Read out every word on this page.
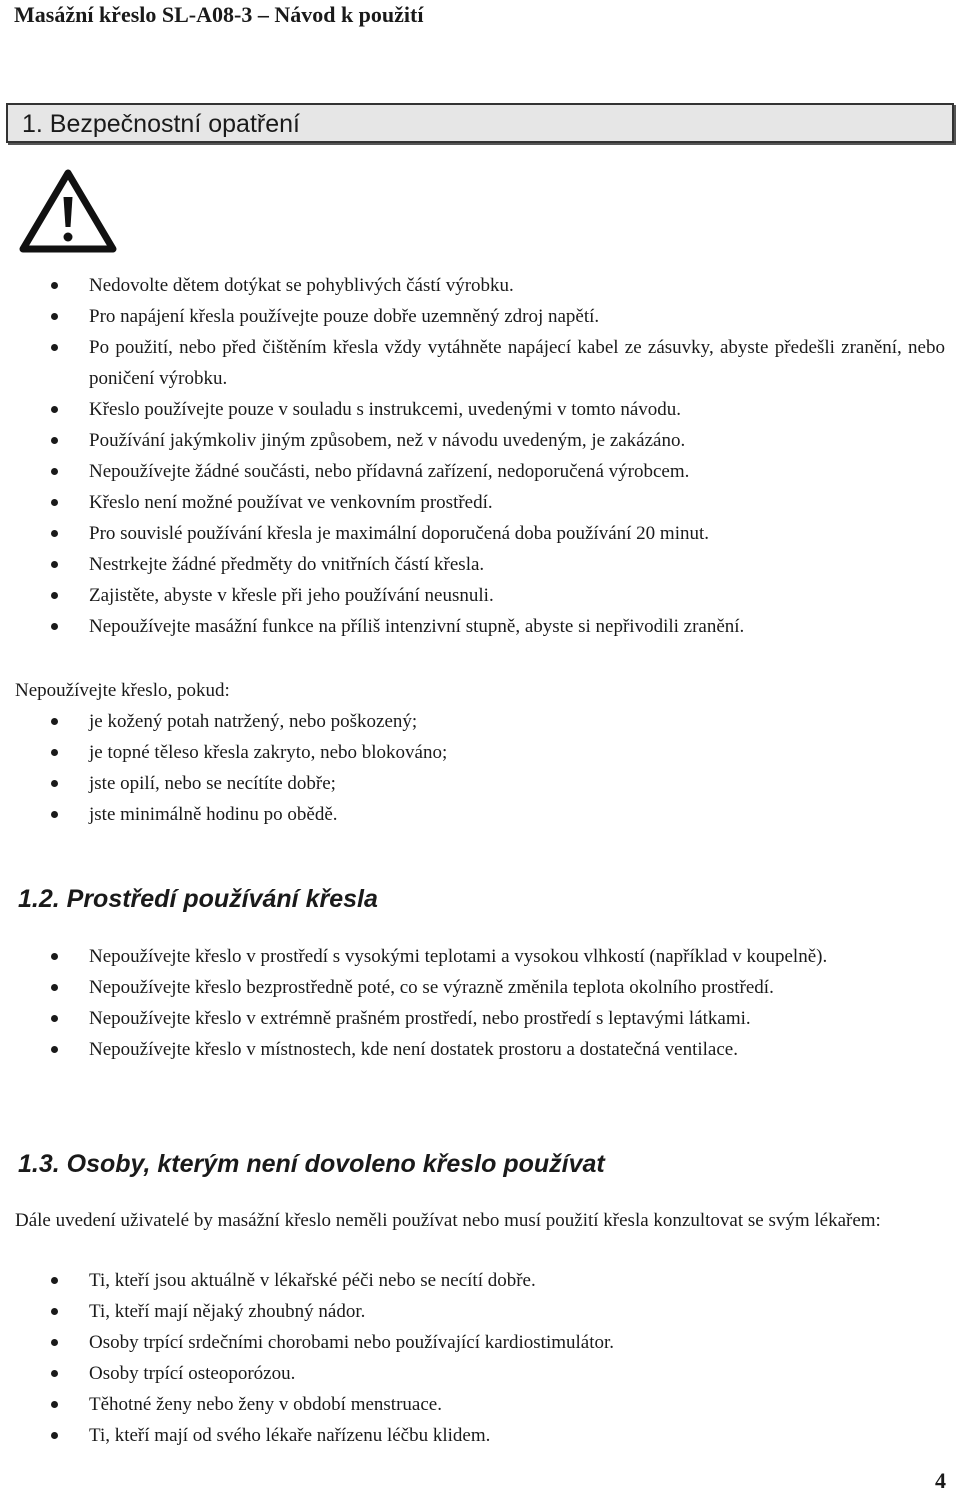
Masážní křeslo SL-A08-3 – Návod k použití
1. Bezpečnostní opatření
Nedovolte dětem dotýkat se pohyblivých částí výrobku.
Pro napájení křesla používejte pouze dobře uzemněný zdroj napětí.
Po použití, nebo před čištěním křesla vždy vytáhněte napájecí kabel ze zásuvky, abyste předešli zranění, nebo poničení výrobku.
Křeslo používejte pouze v souladu s instrukcemi, uvedenými v tomto návodu.
Používání jakýmkoliv jiným způsobem, než v návodu uvedeným, je zakázáno.
Nepoužívejte žádné součásti, nebo přídavná zařízení, nedoporučená výrobcem.
Křeslo není možné používat ve venkovním prostředí.
Pro souvislé používání křesla je maximální doporučená doba používání 20 minut.
Nestrkejte žádné předměty do vnitřních částí křesla.
Zajistěte, abyste v křesle při jeho používání neusnuli.
Nepoužívejte masážní funkce na příliš intenzivní stupně, abyste si nepřivodili zranění.

Nepoužívejte křeslo, pokud:

je kožený potah natržený, nebo poškozený;
je topné těleso křesla zakryto, nebo blokováno;
jste opilí, nebo se necítíte dobře;
jste minimálně hodinu po obědě.
1.2. Prostředí používání křesla
Nepoužívejte křeslo v prostředí s vysokými teplotami a vysokou vlhkostí (například v koupelně).
Nepoužívejte křeslo bezprostředně poté, co se výrazně změnila teplota okolního prostředí.
Nepoužívejte křeslo v extrémně prašném prostředí, nebo prostředí s leptavými látkami.
Nepoužívejte křeslo v místnostech, kde není dostatek prostoru a dostatečná ventilace.
1.3. Osoby, kterým není dovoleno křeslo používat

Dále uvedení uživatelé by masážní křeslo neměli používat nebo musí použití křesla konzultovat se svým lékařem:

Ti, kteří jsou aktuálně v lékařské péči nebo se necítí dobře.
Ti, kteří mají nějaký zhoubný nádor.
Osoby trpící srdečními chorobami nebo používající kardiostimulátor.
Osoby trpící osteoporózou.
Těhotné ženy nebo ženy v období menstruace.
Ti, kteří mají od svého lékaře nařízenu léčbu klidem.
4
